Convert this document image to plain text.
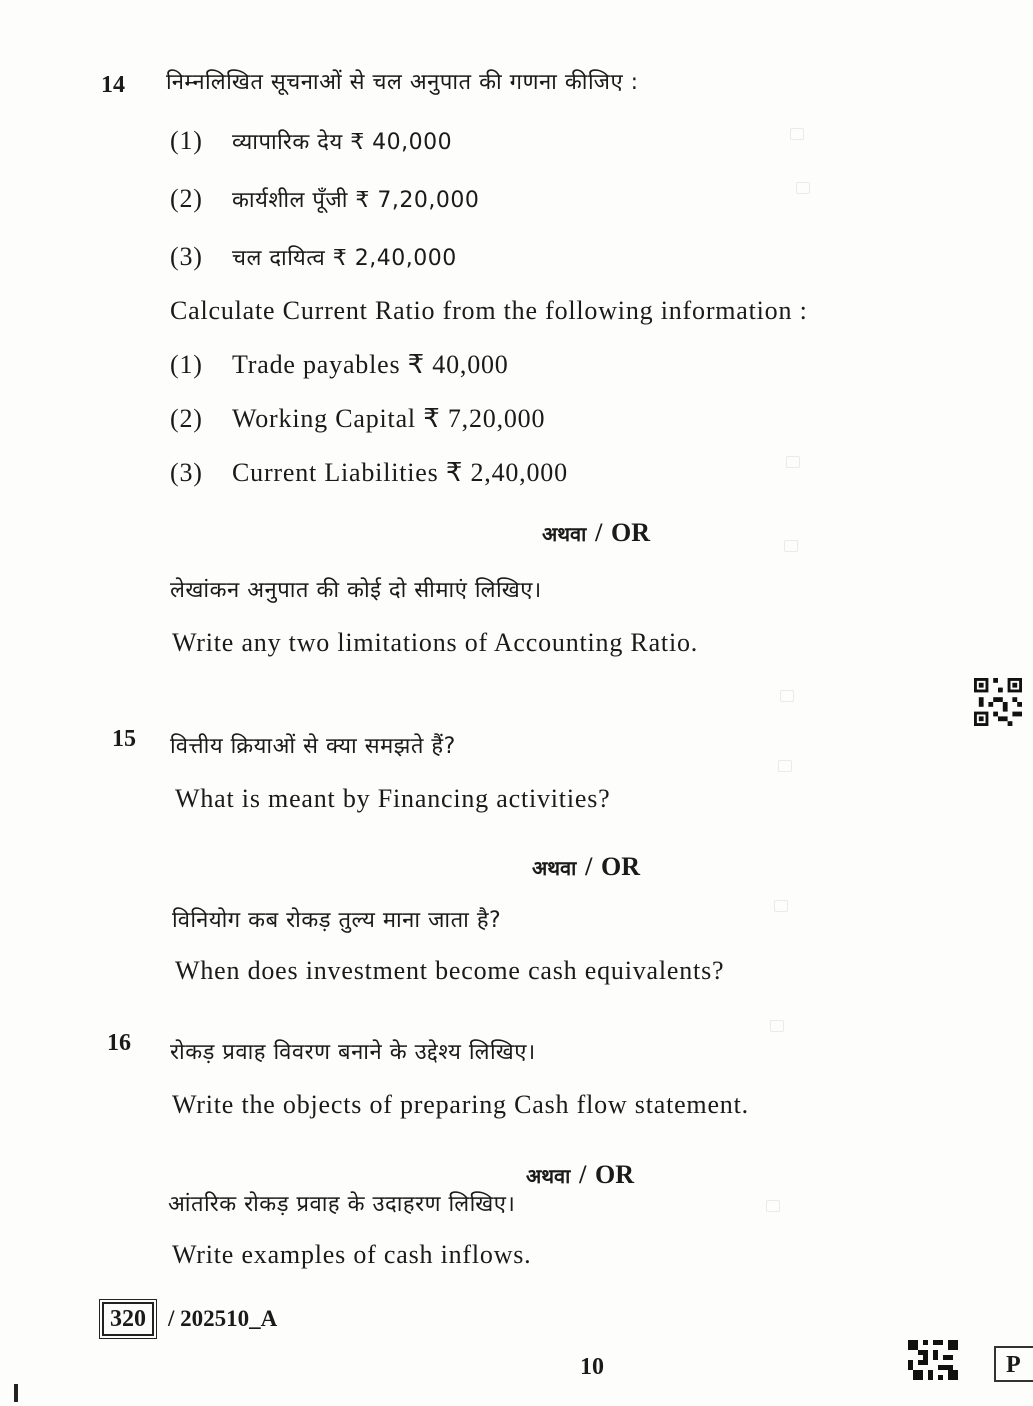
14 निम्नलिखित सूचनाओं से चल अनुपात की गणना कीजिए :
(1) व्यापारिक देय ₹ 40,000
(2) कार्यशील पूँजी ₹ 7,20,000
(3) चल दायित्व ₹ 2,40,000
Calculate Current Ratio from the following information :
(1) Trade payables ₹ 40,000
(2) Working Capital ₹ 7,20,000
(3) Current Liabilities ₹ 2,40,000
अथवा / OR
लेखांकन अनुपात की कोई दो सीमाएं लिखिए।
Write any two limitations of Accounting Ratio.
15 वित्तीय क्रियाओं से क्या समझते हैं?
What is meant by Financing activities?
अथवा / OR
विनियोग कब रोकड़ तुल्य माना जाता है?
When does investment become cash equivalents?
16 रोकड़ प्रवाह विवरण बनाने के उद्देश्य लिखिए।
Write the objects of preparing Cash flow statement.
अथवा / OR
आंतरिक रोकड़ प्रवाह के उदाहरण लिखिए।
Write examples of cash inflows.
320 / 202510_A
10	P
